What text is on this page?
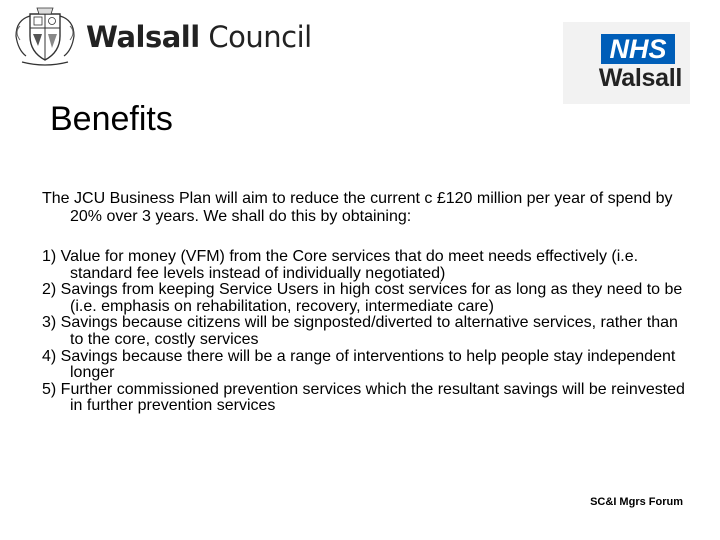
Walsall Council	NHS
Walsall
Benefits

The JCU Business Plan will aim to reduce the current c £120 million per year of spend by 20% over 3 years. We shall do this by obtaining:

1) Value for money (VFM) from the Core services that do meet needs effectively (i.e. standard fee levels instead of individually negotiated)

2) Savings from keeping Service Users in high cost services for as long as they need to be (i.e. emphasis on rehabilitation, recovery, intermediate care)

3) Savings because citizens will be signposted/diverted to alternative services, rather than to the core, costly services

4) Savings because there will be a range of interventions to help people stay independent longer

5) Further commissioned prevention services which the resultant savings will be reinvested in further prevention services

SC&I Mgrs Forum
